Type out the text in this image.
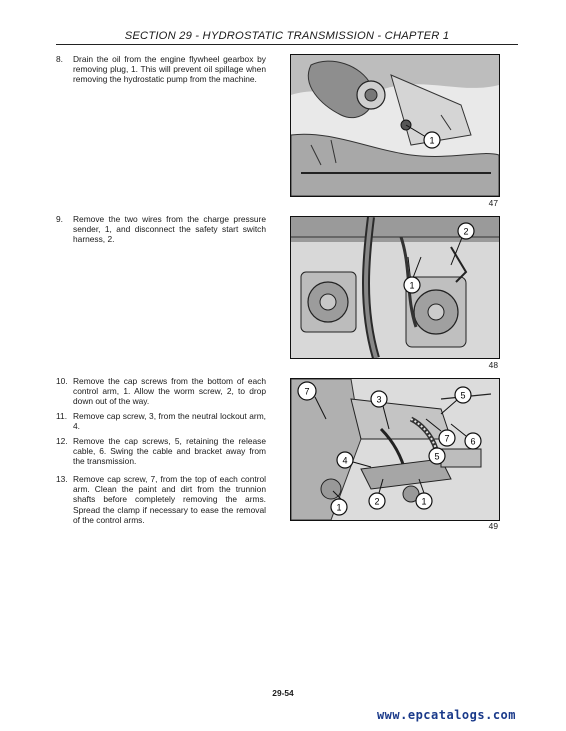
SECTION 29 - HYDROSTATIC TRANSMISSION - CHAPTER 1
8.	Drain the oil from the engine flywheel gearbox by removing plug, 1. This will prevent oil spillage when removing the hydrostatic pump from the machine.
9.	Remove the two wires from the charge pressure sender, 1, and disconnect the safety start switch harness, 2.
10. Remove the cap screws from the bottom of each control arm, 1. Allow the worm screw, 2, to drop down out of the way.
11. Remove cap screw, 3, from the neutral lockout arm, 4.
12. Remove the cap screws, 5, retaining the release cable, 6. Swing the cable and bracket away from the transmission.
13. Remove cap screw, 7, from the top of each control arm. Clean the paint and dirt from the trunnion shafts before completely removing the arms. Spread the clamp if necessary to ease the removal of the control arms.
1
47
2
1
48
7
3	5
4
7 6
5
2	1
1
49
29-54
www.epcatalogs.com
